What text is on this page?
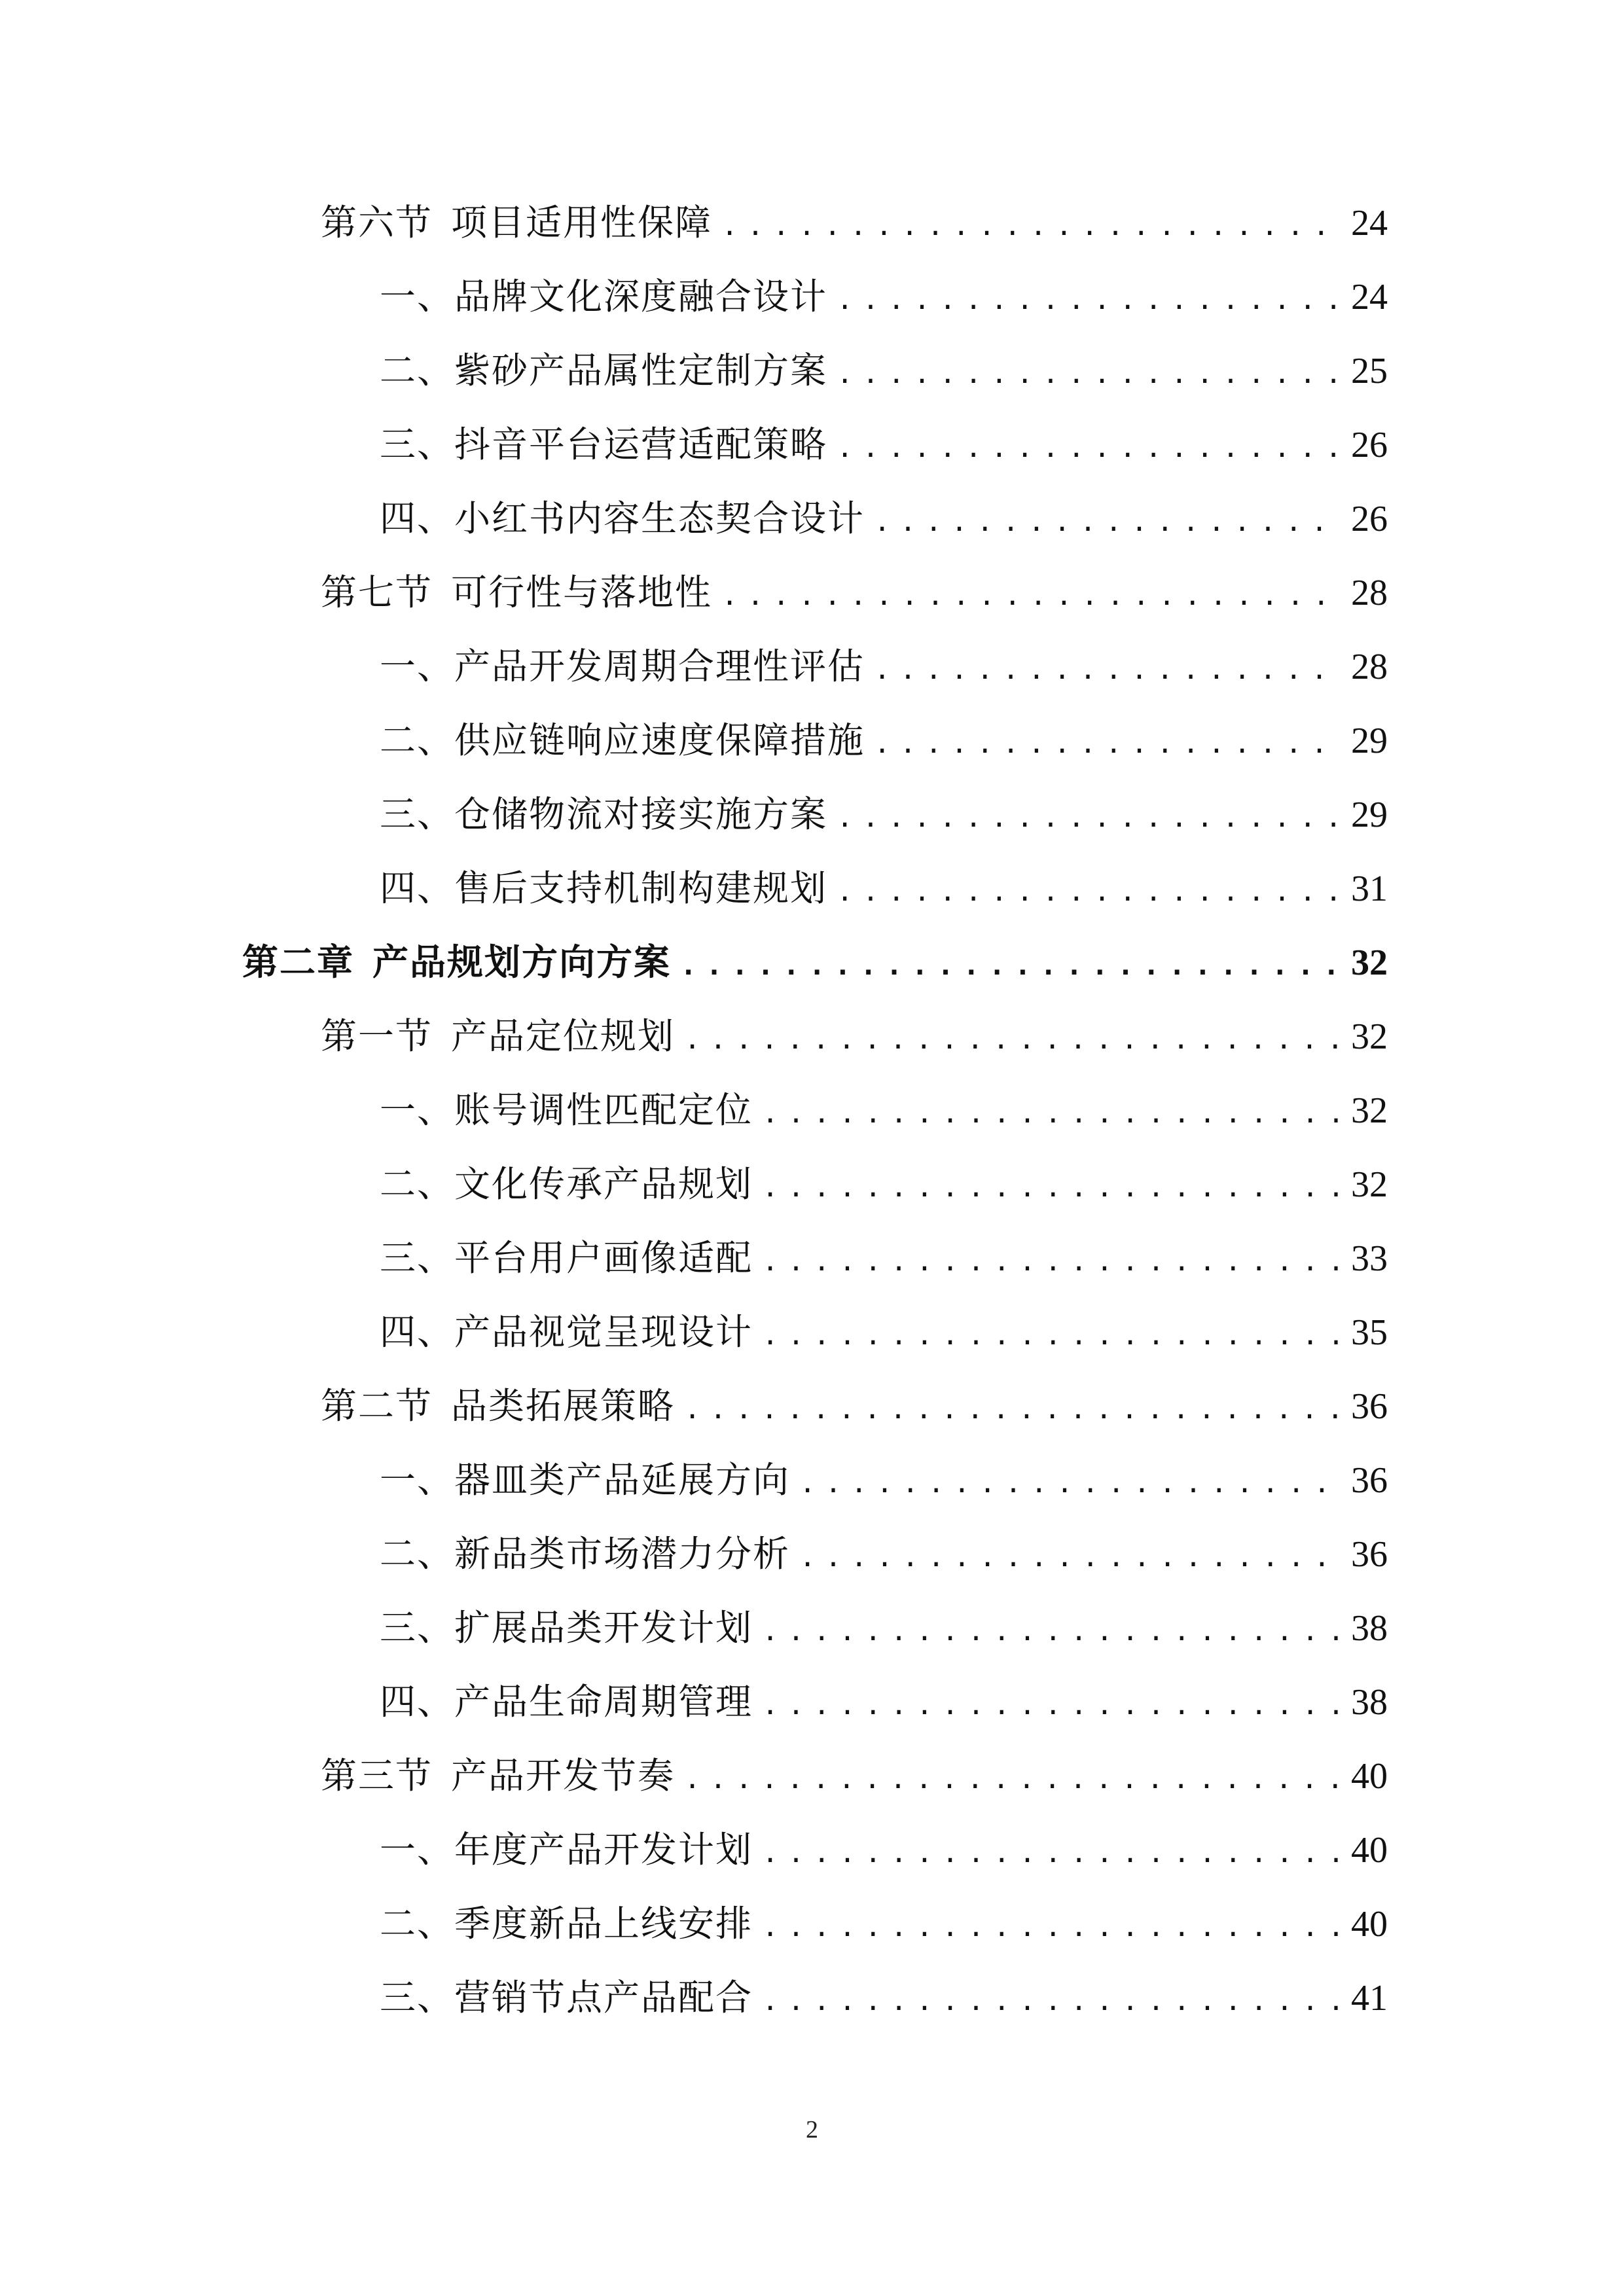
第六节 项目适用性保障 .....	24
一、品牌文化深度融合设计 .....	24
二、紫砂产品属性定制方案 .....	25
三、抖音平台运营适配策略 .....	26
四、小红书内容生态契合设计 .....	26
第七节 可行性与落地性 .....	28
一、产品开发周期合理性评估 .....	28
二、供应链响应速度保障措施 .....	29
三、仓储物流对接实施方案 .....	29
四、售后支持机制构建规划 .....	31
第二章 产品规划方向方案 .....	32
第一节 产品定位规划 .....	32
一、账号调性匹配定位 .....	32
二、文化传承产品规划 .....	32
三、平台用户画像适配 .....	33
四、产品视觉呈现设计 .....	35
第二节 品类拓展策略 .....	36
一、器皿类产品延展方向 .....	36
二、新品类市场潜力分析 .....	36
三、扩展品类开发计划 .....	38
四、产品生命周期管理 .....	38
第三节 产品开发节奏 .....	40
一、年度产品开发计划 .....	40
二、季度新品上线安排 .....	40
三、营销节点产品配合 .....	41
2
